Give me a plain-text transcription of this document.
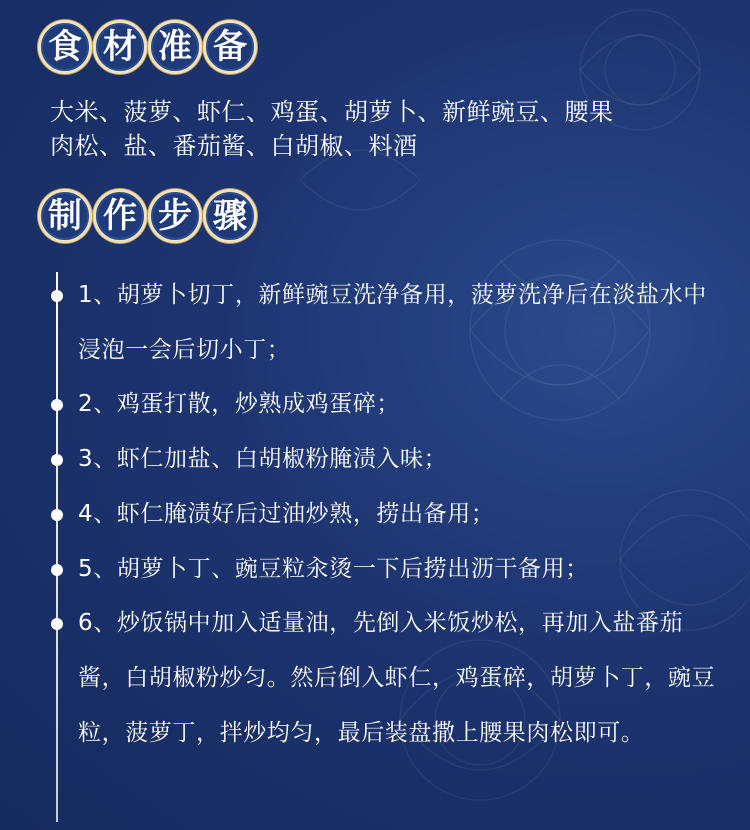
食 材 准 备
大米、菠萝、虾仁、鸡蛋、胡萝卜、新鲜豌豆、腰果
肉松、盐、番茄酱、白胡椒、料酒
制 作 步 骤
1、胡萝卜切丁，新鲜豌豆洗净备用，菠萝洗净后在淡盐水中浸泡一会后切小丁；
2、鸡蛋打散，炒熟成鸡蛋碎；
3、虾仁加盐、白胡椒粉腌渍入味；
4、虾仁腌渍好后过油炒熟，捞出备用；
5、胡萝卜丁、豌豆粒汆烫一下后捞出沥干备用；
6、炒饭锅中加入适量油，先倒入米饭炒松，再加入盐番茄酱，白胡椒粉炒匀。然后倒入虾仁，鸡蛋碎，胡萝卜丁，豌豆粒，菠萝丁，拌炒均匀，最后装盘撒上腰果肉松即可。
